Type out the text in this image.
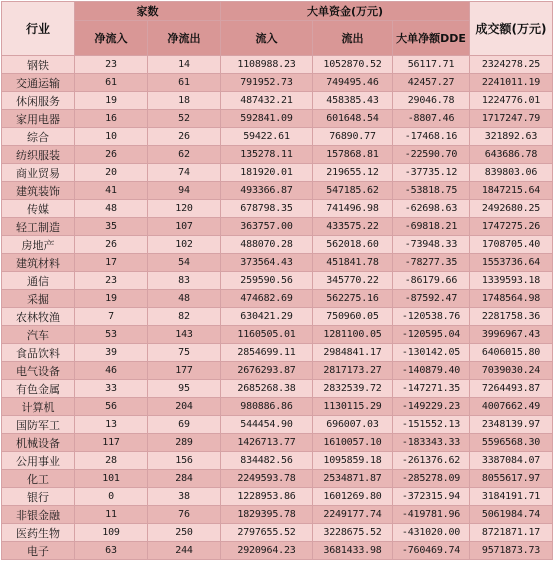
行业	家数		大单资金(万元)			成交额(万元)
	净流入	净流出	流入	流出	大单净额DDE	
钢铁	23	14	1108988.23	1052870.52	56117.71	2324278.25
交通运输	61	61	791952.73	749495.46	42457.27	2241011.19
休闲服务	19	18	487432.21	458385.43	29046.78	1224776.01
家用电器	16	52	592841.09	601648.54	-8807.46	1717247.79
综合	10	26	59422.61	76890.77	-17468.16	321892.63
纺织服装	26	62	135278.11	157868.81	-22590.70	643686.78
商业贸易	20	74	181920.01	219655.12	-37735.12	839803.06
建筑装饰	41	94	493366.87	547185.62	-53818.75	1847215.64
传媒	48	120	678798.35	741496.98	-62698.63	2492680.25
轻工制造	35	107	363757.00	433575.22	-69818.21	1747275.26
房地产	26	102	488070.28	562018.60	-73948.33	1708705.40
建筑材料	17	54	373564.43	451841.78	-78277.35	1553736.64
通信	23	83	259590.56	345770.22	-86179.66	1339593.18
采掘	19	48	474682.69	562275.16	-87592.47	1748564.98
农林牧渔	7	82	630421.29	750960.05	-120538.76	2281758.36
汽车	53	143	1160505.01	1281100.05	-120595.04	3996967.43
食品饮料	39	75	2854699.11	2984841.17	-130142.05	6406015.80
电气设备	46	177	2676293.87	2817173.27	-140879.40	7039030.24
有色金属	33	95	2685268.38	2832539.72	-147271.35	7264493.87
计算机	56	204	980886.86	1130115.29	-149229.23	4007662.49
国防军工	13	69	544454.90	696007.03	-151552.13	2348139.97
机械设备	117	289	1426713.77	1610057.10	-183343.33	5596568.30
公用事业	28	156	834482.56	1095859.18	-261376.62	3387084.07
化工	101	284	2249593.78	2534871.87	-285278.09	8055617.97
银行	0	38	1228953.86	1601269.80	-372315.94	3184191.71
非银金融	11	76	1829395.78	2249177.74	-419781.96	5061984.74
医药生物	109	250	2797655.52	3228675.52	-431020.00	8721871.17
电子	63	244	2920964.23	3681433.98	-760469.74	9571873.73
